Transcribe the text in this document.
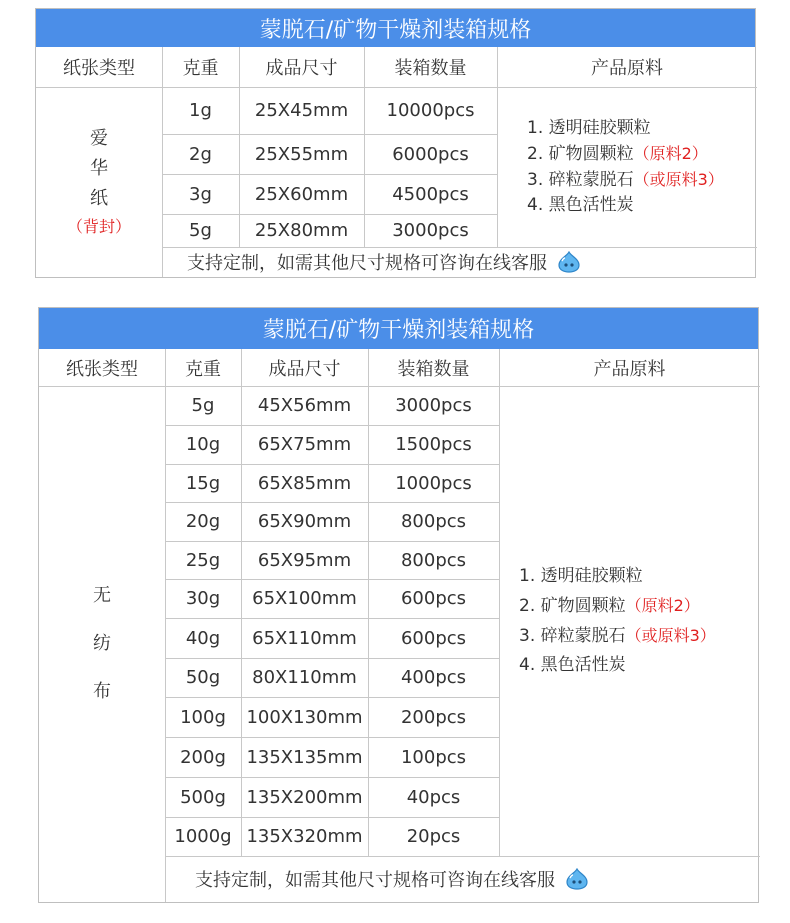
蒙脱石/矿物干燥剂装箱规格
纸张类型	克重	成品尺寸	装箱数量	产品原料
1g	25X45mm	10000pcs
2g	25X55mm	6000pcs
3g	25X60mm	4500pcs
5g	25X80mm	3000pcs
爱
华
纸
（背封）
1. 透明硅胶颗粒
2. 矿物圆颗粒（原料2）
3. 碎粒蒙脱石（或原料3）
4. 黑色活性炭
支持定制，如需其他尺寸规格可咨询在线客服
蒙脱石/矿物干燥剂装箱规格
纸张类型	克重	成品尺寸	装箱数量	产品原料
5g	45X56mm	3000pcs
10g	65X75mm	1500pcs
15g	65X85mm	1000pcs
20g	65X90mm	800pcs
25g	65X95mm	800pcs
30g	65X100mm	600pcs
40g	65X110mm	600pcs
50g	80X110mm	400pcs
100g	100X130mm	200pcs
200g	135X135mm	100pcs
500g	135X200mm	40pcs
1000g 135X320mm	20pcs
无
纺
布
1. 透明硅胶颗粒
2. 矿物圆颗粒（原料2）
3. 碎粒蒙脱石（或原料3）
4. 黑色活性炭
支持定制，如需其他尺寸规格可咨询在线客服
